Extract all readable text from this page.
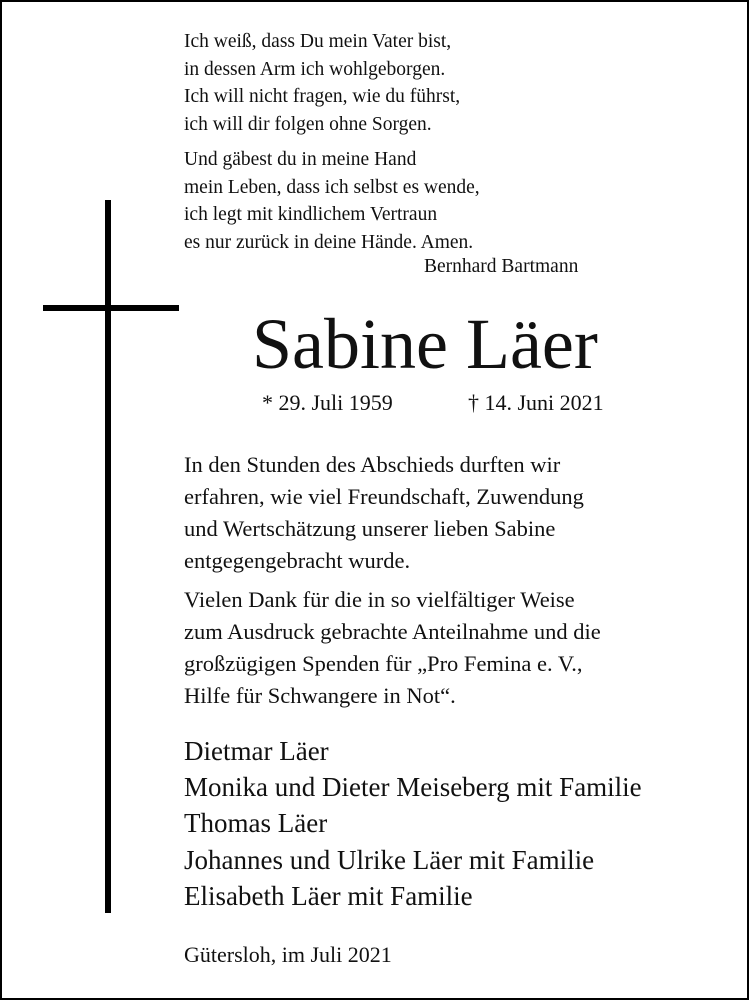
Ich weiß, dass Du mein Vater bist,
in dessen Arm ich wohlgeborgen.
Ich will nicht fragen, wie du führst,
ich will dir folgen ohne Sorgen.
Und gäbest du in meine Hand
mein Leben, dass ich selbst es wende,
ich legt mit kindlichem Vertraun
es nur zurück in deine Hände. Amen.
Bernhard Bartmann
Sabine Läer
* 29. Juli 1959	† 14. Juni 2021
In den Stunden des Abschieds durften wir
erfahren, wie viel Freundschaft, Zuwendung
und Wertschätzung unserer lieben Sabine
entgegengebracht wurde.
Vielen Dank für die in so vielfältiger Weise
zum Ausdruck gebrachte Anteilnahme und die
großzügigen Spenden für „Pro Femina e. V.,
Hilfe für Schwangere in Not“.
Dietmar Läer
Monika und Dieter Meiseberg mit Familie
Thomas Läer
Johannes und Ulrike Läer mit Familie
Elisabeth Läer mit Familie
Gütersloh, im Juli 2021
